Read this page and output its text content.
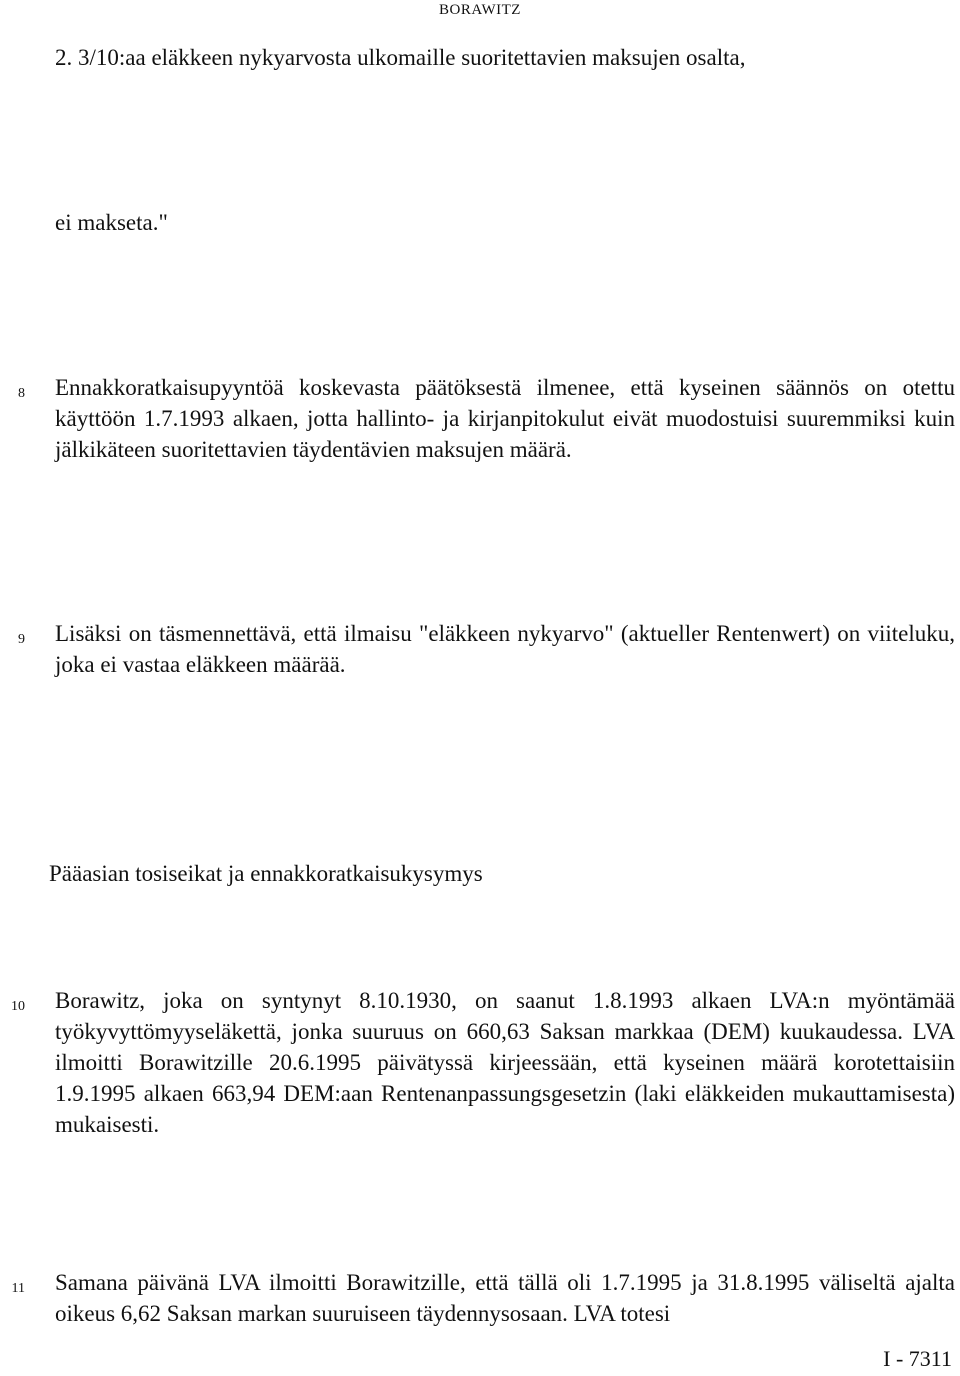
BORAWITZ
2. 3/10:aa eläkkeen nykyarvosta ulkomaille suoritettavien maksujen osalta,
ei makseta."
8 Ennakkoratkaisupyyntöä koskevasta päätöksestä ilmenee, että kyseinen säännös on otettu käyttöön 1.7.1993 alkaen, jotta hallinto- ja kirjanpitokulut eivät muodostuisi suuremmiksi kuin jälkikäteen suoritettavien täydentävien maksujen määrä.
9 Lisäksi on täsmennettävä, että ilmaisu "eläkkeen nykyarvo" (aktueller Rentenwert) on viiteluku, joka ei vastaa eläkkeen määrää.
Pääasian tosiseikat ja ennakkoratkaisukysymys
10 Borawitz, joka on syntynyt 8.10.1930, on saanut 1.8.1993 alkaen LVA:n myöntämää työkyvyttömyyseläkettä, jonka suuruus on 660,63 Saksan markkaa (DEM) kuukaudessa. LVA ilmoitti Borawitzille 20.6.1995 päivätyssä kirjeessään, että kyseinen määrä korotettaisiin 1.9.1995 alkaen 663,94 DEM:aan Rentenanpassungsgesetzin (laki eläkkeiden mukauttamisesta) mukaisesti.
11 Samana päivänä LVA ilmoitti Borawitzille, että tällä oli 1.7.1995 ja 31.8.1995 väliseltä ajalta oikeus 6,62 Saksan markan suuruiseen täydennysosaan. LVA totesi
I - 7311
